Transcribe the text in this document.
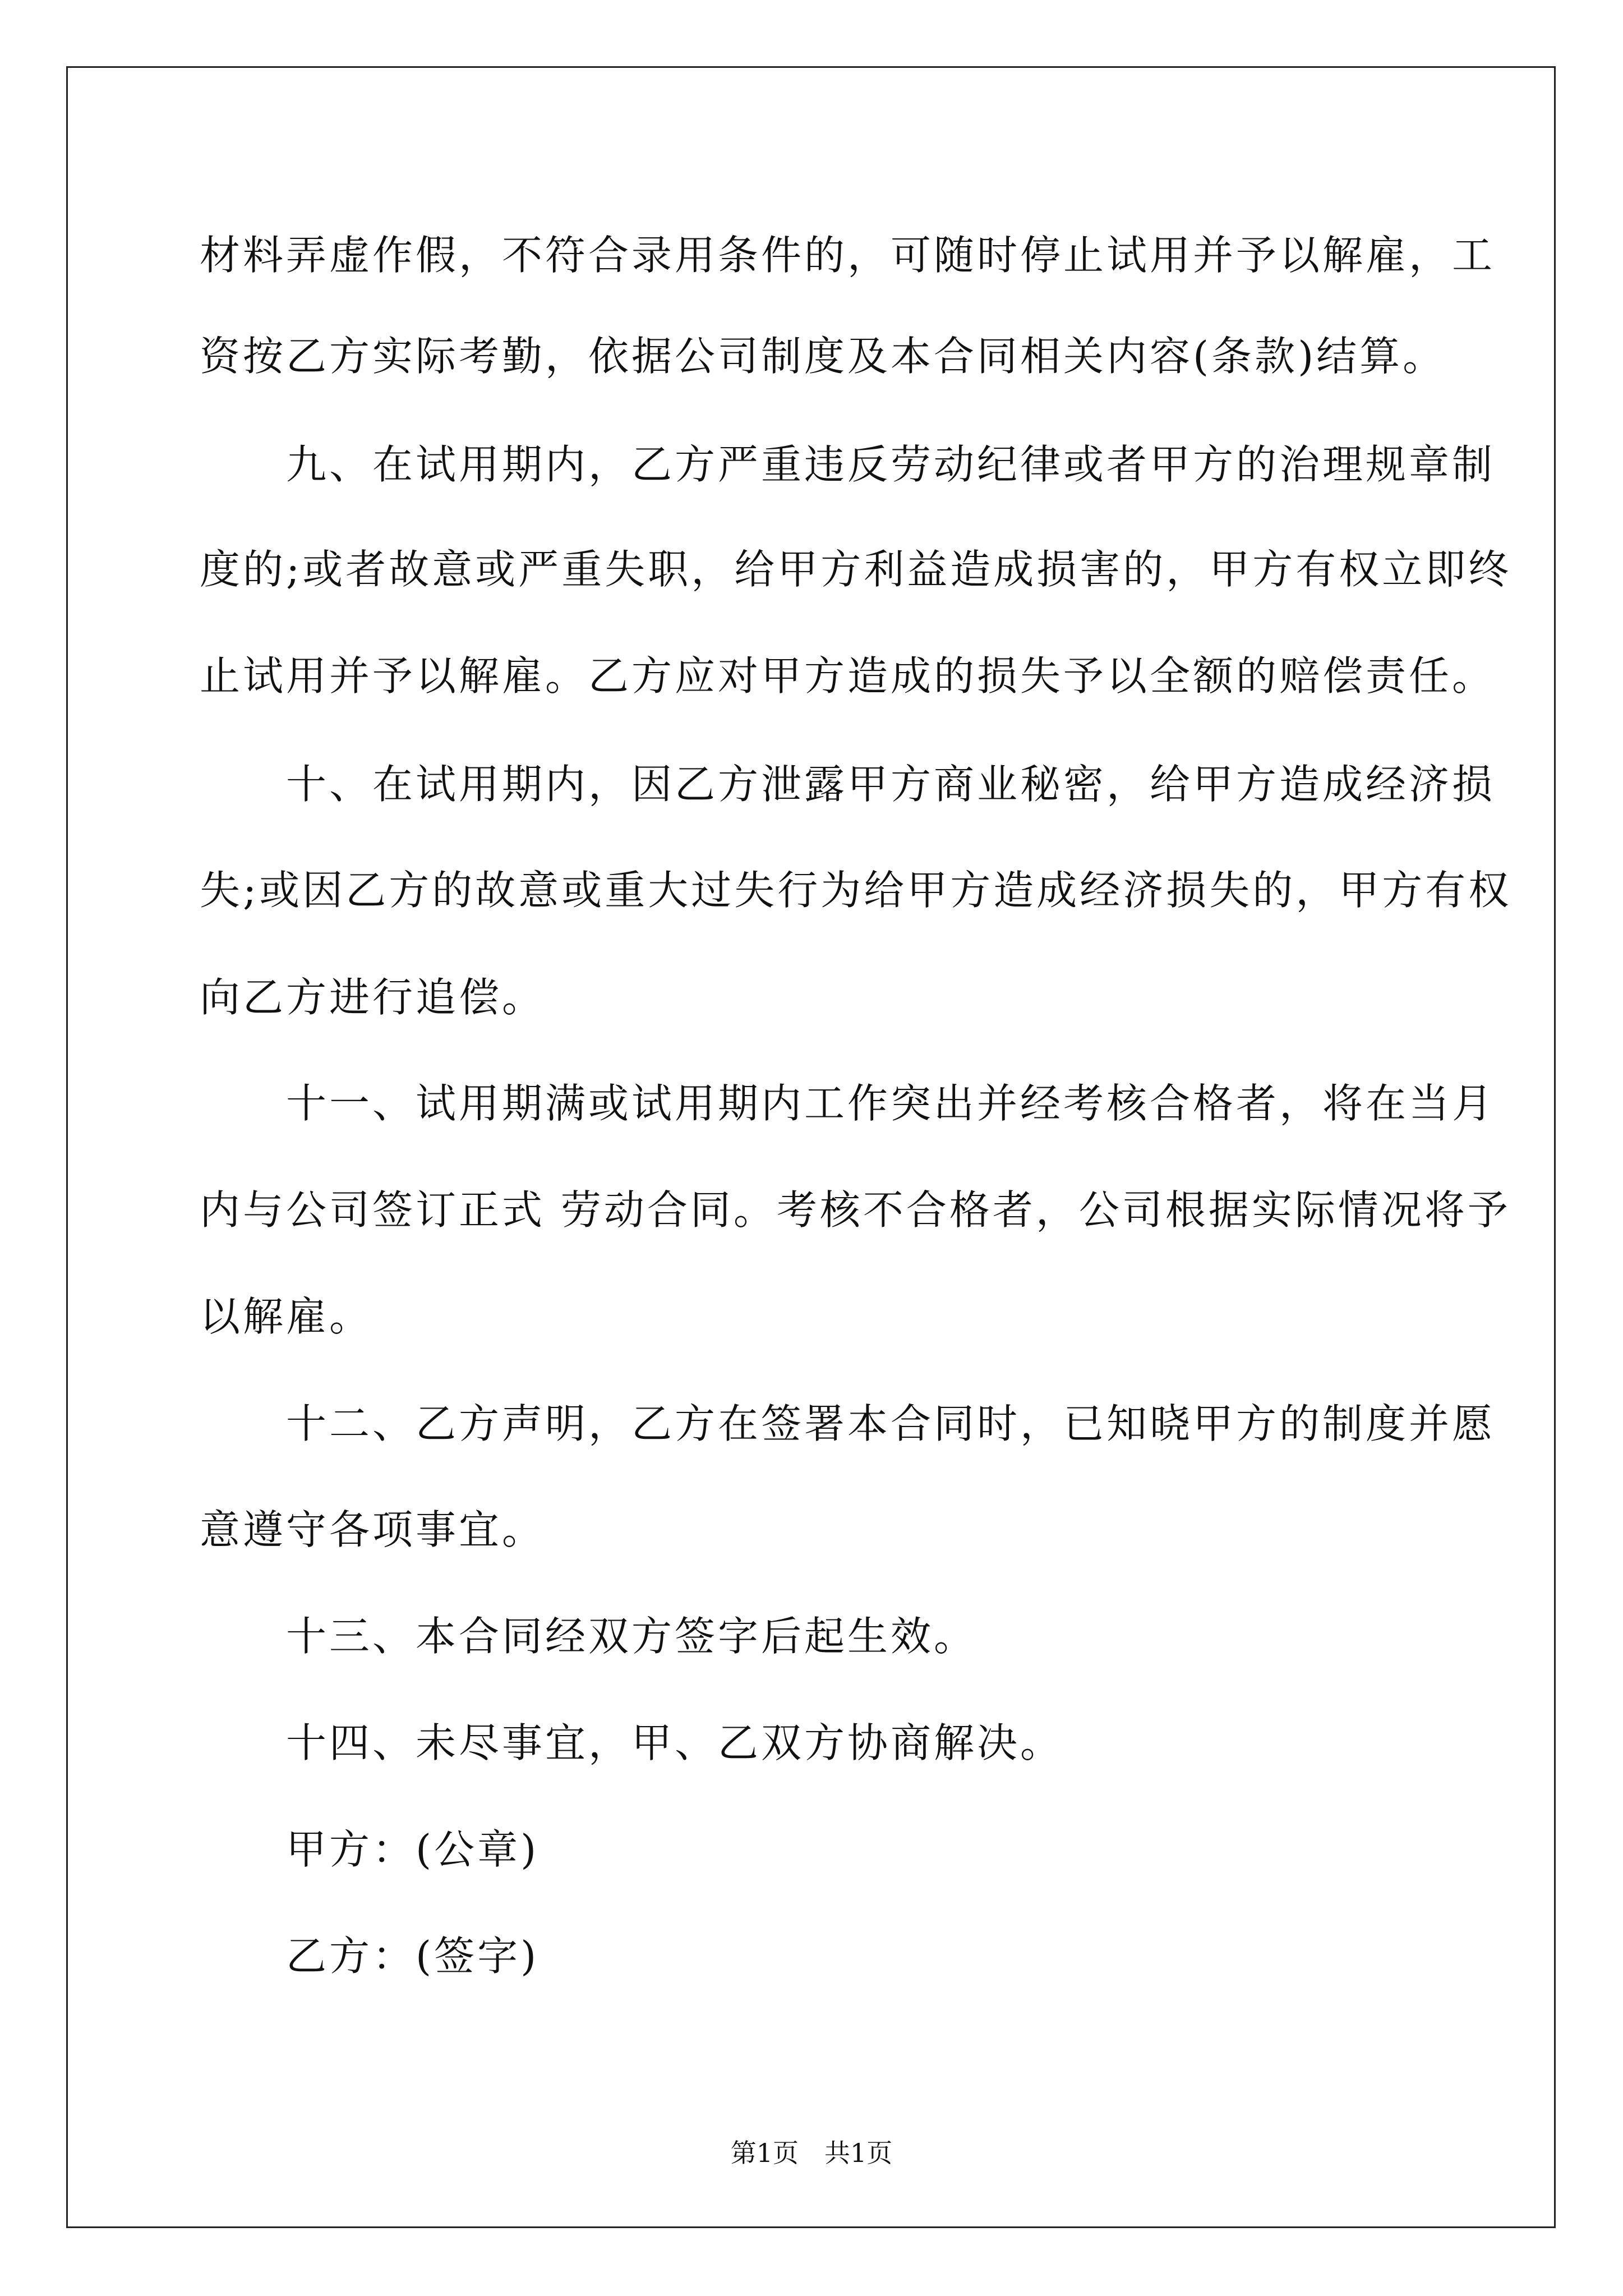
材料弄虚作假，不符合录用条件的，可随时停止试用并予以解雇，工
资按乙方实际考勤，依据公司制度及本合同相关内容(条款)结算。
　　九、在试用期内，乙方严重违反劳动纪律或者甲方的治理规章制
度的;或者故意或严重失职，给甲方利益造成损害的，甲方有权立即终
止试用并予以解雇。乙方应对甲方造成的损失予以全额的赔偿责任。
　　十、在试用期内，因乙方泄露甲方商业秘密，给甲方造成经济损
失;或因乙方的故意或重大过失行为给甲方造成经济损失的，甲方有权
向乙方进行追偿。
　　十一、试用期满或试用期内工作突出并经考核合格者，将在当月
内与公司签订正式 劳动合同。考核不合格者，公司根据实际情况将予
以解雇。
　　十二、乙方声明，乙方在签署本合同时，已知晓甲方的制度并愿
意遵守各项事宜。
　　十三、本合同经双方签字后起生效。
　　十四、未尽事宜，甲、乙双方协商解决。
　　甲方：(公章)
　　乙方：(签字)
第1页　共1页
